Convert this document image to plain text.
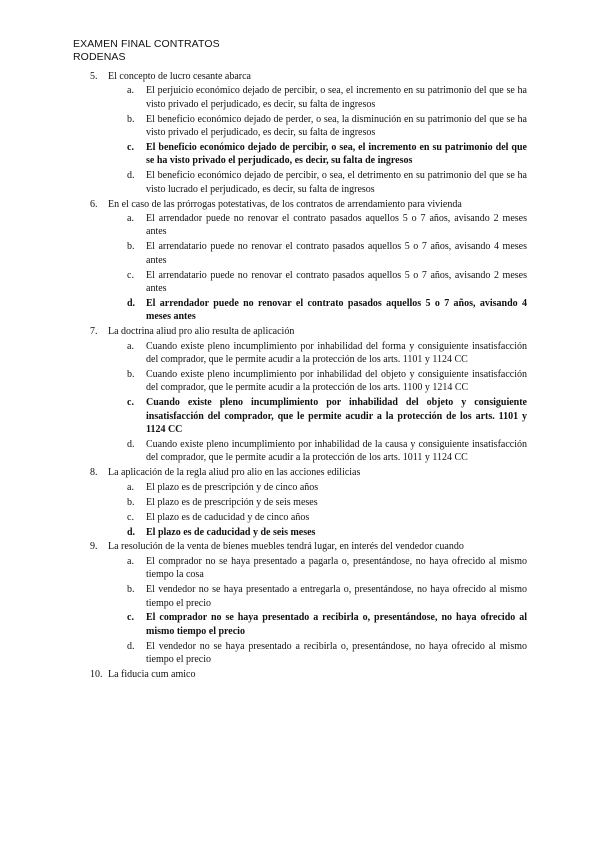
EXAMEN FINAL CONTRATOS
RODENAS
5. El concepto de lucro cesante abarca
a. El perjuicio económico dejado de percibir, o sea, el incremento en su patrimonio del que se ha visto privado el perjudicado, es decir, su falta de ingresos
b. El beneficio económico dejado de perder, o sea, la disminución en su patrimonio del que se ha visto privado el perjudicado, es decir, su falta de ingresos
c. El beneficio económico dejado de percibir, o sea, el incremento en su patrimonio del que se ha visto privado el perjudicado, es decir, su falta de ingresos
d. El beneficio económico dejado de percibir, o sea, el detrimento en su patrimonio del que se ha visto lucrado el perjudicado, es decir, su falta de ingresos
6. En el caso de las prórrogas potestativas, de los contratos de arrendamiento para vivienda
a. El arrendador puede no renovar el contrato pasados aquellos 5 o 7 años, avisando 2 meses antes
b. El arrendatario puede no renovar el contrato pasados aquellos 5 o 7 años, avisando 4 meses antes
c. El arrendatario puede no renovar el contrato pasados aquellos 5 o 7 años, avisando 2 meses antes
d. El arrendador puede no renovar el contrato pasados aquellos 5 o 7 años, avisando 4 meses antes
7. La doctrina aliud pro alio resulta de aplicación
a. Cuando existe pleno incumplimiento por inhabilidad del forma y consiguiente insatisfacción del comprador, que le permite acudir a la protección de los arts. 1101 y 1124 CC
b. Cuando existe pleno incumplimiento por inhabilidad del objeto y consiguiente insatisfacción del comprador, que le permite acudir a la protección de los arts. 1100 y 1214 CC
c. Cuando existe pleno incumplimiento por inhabilidad del objeto y consiguiente insatisfacción del comprador, que le permite acudir a la protección de los arts. 1101 y 1124 CC
d. Cuando existe pleno incumplimiento por inhabilidad de la causa y consiguiente insatisfacción del comprador, que le permite acudir a la protección de los arts. 1011 y 1124 CC
8. La aplicación de la regla aliud pro alio en las acciones edilicias
a. El plazo es de prescripción y de cinco años
b. El plazo es de prescripción y de seis meses
c. El plazo es de caducidad y de cinco años
d. El plazo es de caducidad y de seis meses
9. La resolución de la venta de bienes muebles tendrá lugar, en interés del vendedor cuando
a. El comprador no se haya presentado a pagarla o, presentándose, no haya ofrecido al mismo tiempo la cosa
b. El vendedor no se haya presentado a entregarla o, presentándose, no haya ofrecido al mismo tiempo el precio
c. El comprador no se haya presentado a recibirla o, presentándose, no haya ofrecido al mismo tiempo el precio
d. El vendedor no se haya presentado a recibirla o, presentándose, no haya ofrecido al mismo tiempo el precio
10. La fiducia cum amico
